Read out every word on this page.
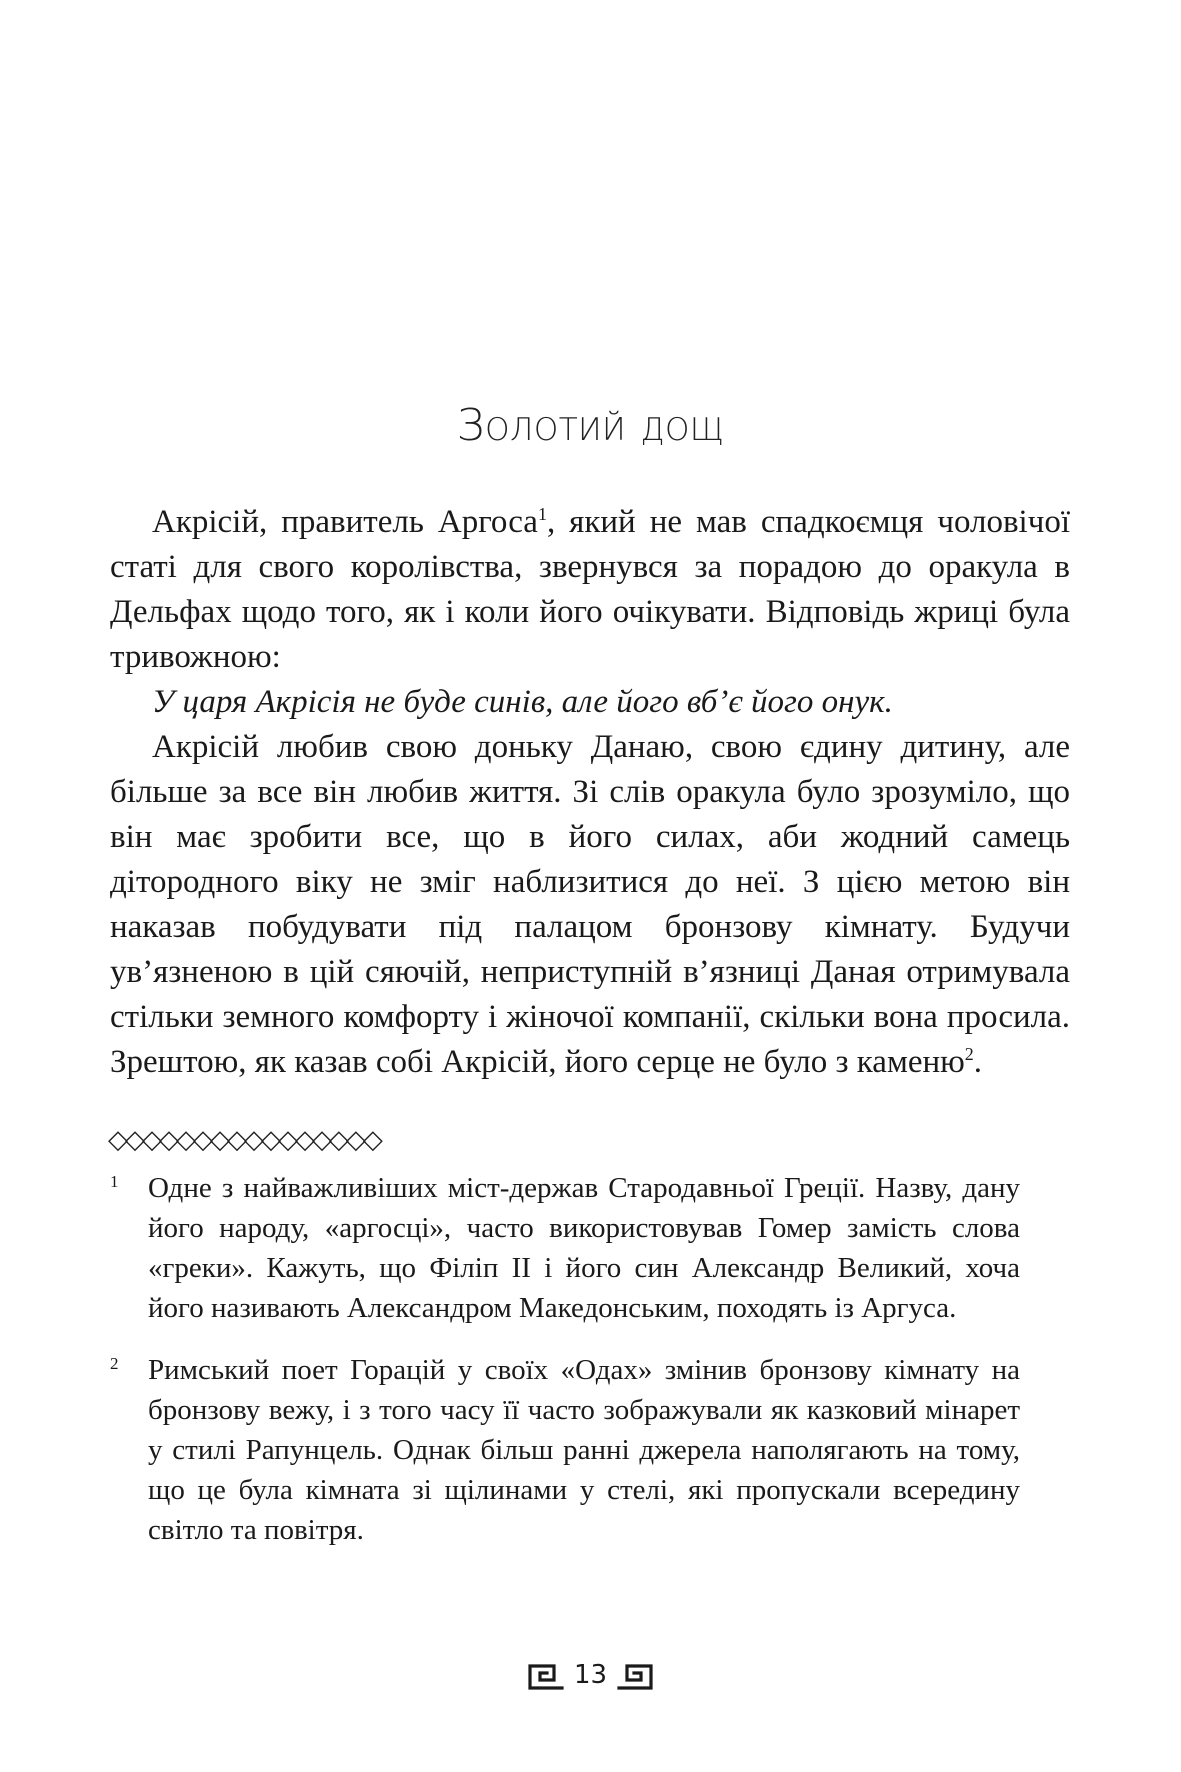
Золотий дощ

Акрісій, правитель Аргоса$^1$, який не мав спадкоємця чоловічої статі для свого королівства, звернувся за порадою до оракула в Дельфах щодо того, як і коли його очікувати. Відповідь жриці була тривожною:

У царя Акрісія не буде синів, але його вб’є його онук.

Акрісій любив свою доньку Данаю, свою єдину дитину, але більше за все він любив життя. Зі слів оракула було зрозуміло, що він має зробити все, що в його силах, аби жодний самець дітородного віку не зміг наблизитися до неї. З цією метою він наказав побудувати під палацом бронзову кімнату. Будучи ув’язненою в цій сяючій, неприступній в’язниці Даная отримувала стільки земного комфорту і жіночої компанії, скільки вона просила. Зрештою, як казав собі Акрісій, його серце не було з каменю$^2$.

◇◇◇◇◇◇◇◇◇◇◇◇◇◇◇◇
1 Одне з найважливіших міст-держав Стародавньої Греції. Назву, дану його народу, «аргосці», часто використовував Гомер замість слова «греки». Кажуть, що Філіп II і його син Александр Великий, хоча його називають Александром Македонським, походять із Аргуса.
2 Римський поет Горацій у своїх «Одах» змінив бронзову кімнату на бронзову вежу, і з того часу її часто зображували як казковий мінарет у стилі Рапунцель. Однак більш ранні джерела наполягають на тому, що це була кімната зі щілинами у стелі, які пропускали всередину світло та повітря.
13
